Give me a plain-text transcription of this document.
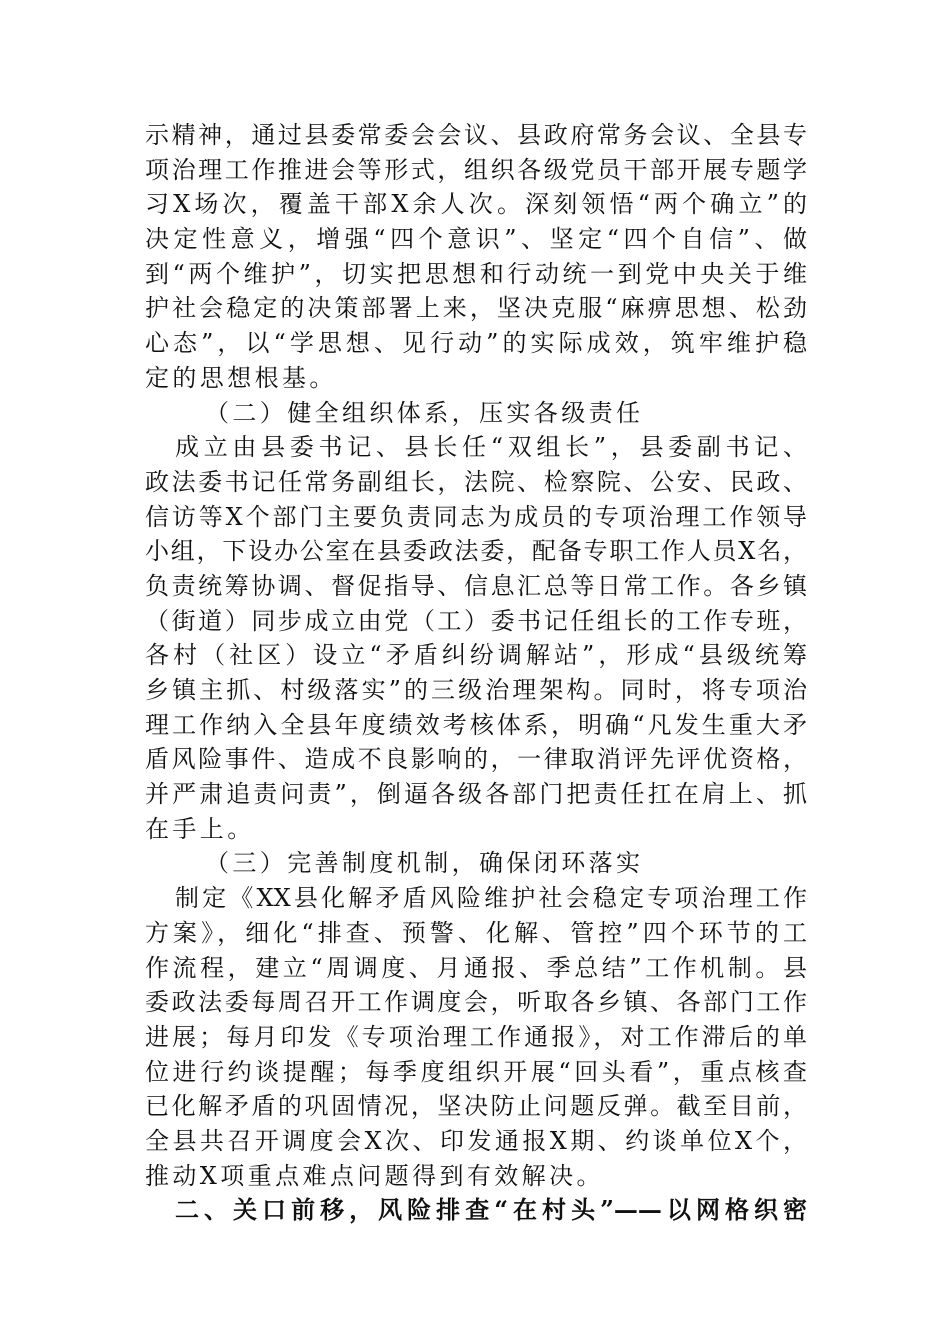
示精神，通过县委常委会会议、县政府常务会议、全县专
项治理工作推进会等形式，组织各级党员干部开展专题学
习X场次，覆盖干部X余人次。深刻领悟“两个确立”的
决定性意义，增强“四个意识”、坚定“四个自信”、做
到“两个维护”，切实把思想和行动统一到党中央关于维
护社会稳定的决策部署上来，坚决克服“麻痹思想、松劲
心态”，以“学思想、见行动”的实际成效，筑牢维护稳
定的思想根基。
（二）健全组织体系，压实各级责任
成立由县委书记、县长任“双组长”，县委副书记、
政法委书记任常务副组长，法院、检察院、公安、民政、
信访等X个部门主要负责同志为成员的专项治理工作领导
小组，下设办公室在县委政法委，配备专职工作人员X名，
负责统筹协调、督促指导、信息汇总等日常工作。各乡镇
（街道）同步成立由党（工）委书记任组长的工作专班，
各村（社区）设立“矛盾纠纷调解站”，形成“县级统筹
乡镇主抓、村级落实”的三级治理架构。同时，将专项治
理工作纳入全县年度绩效考核体系，明确“凡发生重大矛
盾风险事件、造成不良影响的，一律取消评先评优资格，
并严肃追责问责”，倒逼各级各部门把责任扛在肩上、抓
在手上。
（三）完善制度机制，确保闭环落实
制定《XX县化解矛盾风险维护社会稳定专项治理工作
方案》，细化“排查、预警、化解、管控”四个环节的工
作流程，建立“周调度、月通报、季总结”工作机制。县
委政法委每周召开工作调度会，听取各乡镇、各部门工作
进展；每月印发《专项治理工作通报》，对工作滞后的单
位进行约谈提醒；每季度组织开展“回头看”，重点核查
已化解矛盾的巩固情况，坚决防止问题反弹。截至目前，
全县共召开调度会X次、印发通报X期、约谈单位X个，
推动X项重点难点问题得到有效解决。
二、关口前移，风险排查“在村头”——以网格织密
